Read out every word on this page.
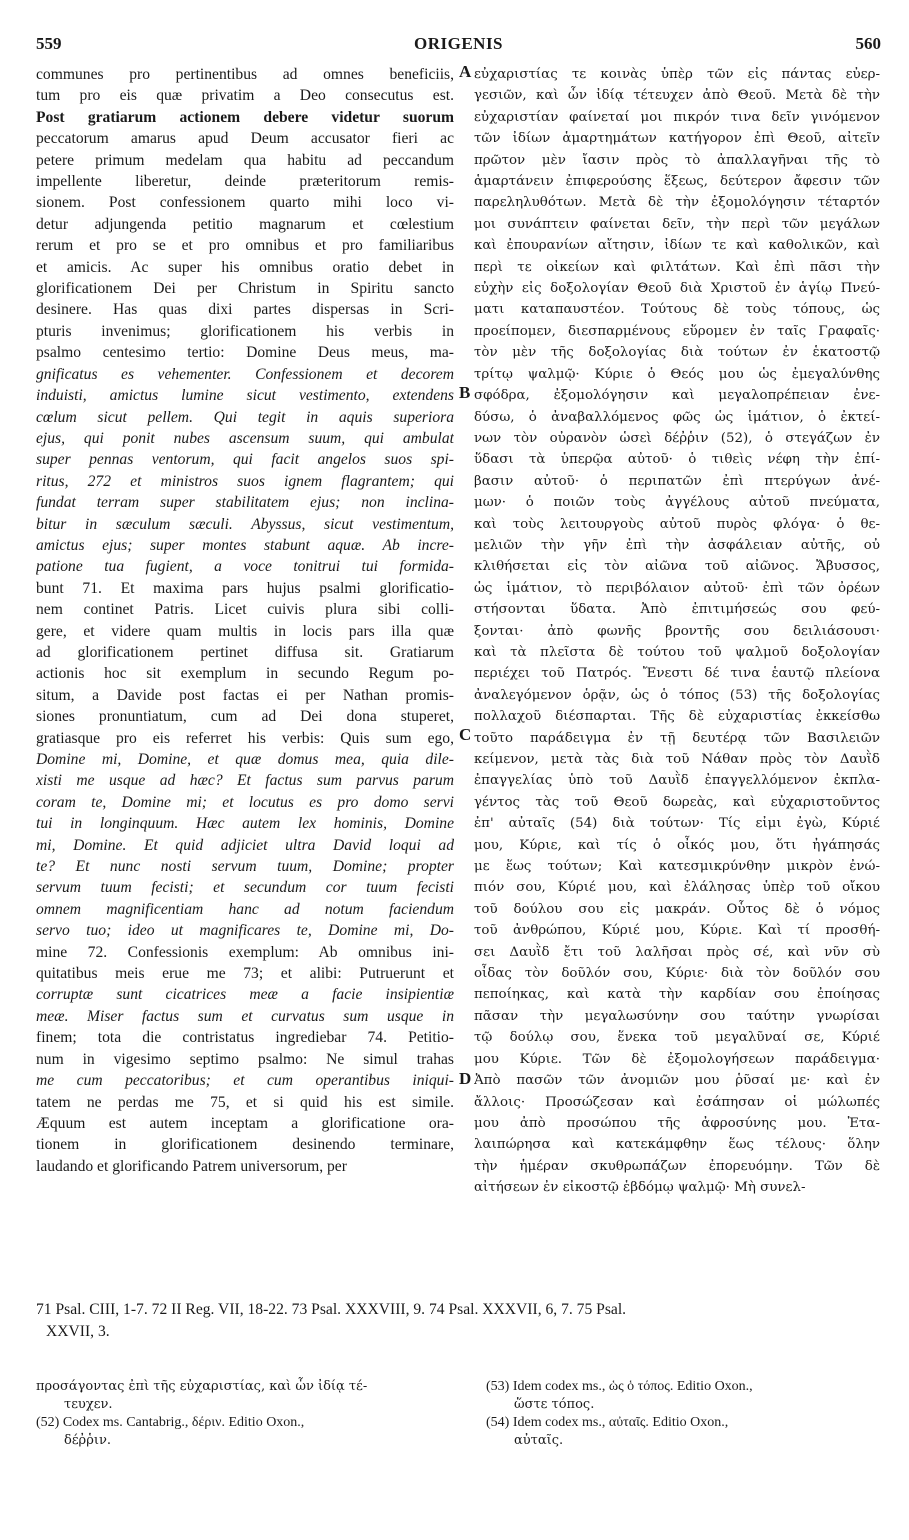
559	ORIGENIS	560

communes pro pertinentibus ad omnes beneficiis,

tum pro eis quæ privatim a Deo consecutus est.

Post gratiarum actionem debere videtur suorum

peccatorum amarus apud Deum accusator fieri ac

petere primum medelam qua habitu ad peccandum

impellente liberetur, deinde præteritorum remis-

sionem. Post confessionem quarto mihi loco vi-

detur adjungenda petitio magnarum et cœlestium

rerum et pro se et pro omnibus et pro familiaribus

et amicis. Ac super his omnibus oratio debet in

glorificationem Dei per Christum in Spiritu sancto

desinere. Has quas dixi partes dispersas in Scri-

pturis invenimus; glorificationem his verbis in

psalmo centesimo tertio: Domine Deus meus, ma-

gnificatus es vehementer. Confessionem et decorem

induisti, amictus lumine sicut vestimento, extendens

cœlum sicut pellem. Qui tegit in aquis superiora

ejus, qui ponit nubes ascensum suum, qui ambulat

super pennas ventorum, qui facit angelos suos spi-

ritus, 272 et ministros suos ignem flagrantem; qui

fundat terram super stabilitatem ejus; non inclina-

bitur in sæculum sæculi. Abyssus, sicut vestimentum,

amictus ejus; super montes stabunt aquæ. Ab incre-

patione tua fugient, a voce tonitrui tui formida-

bunt 71. Et maxima pars hujus psalmi glorificatio-

nem continet Patris. Licet cuivis plura sibi colli-

gere, et videre quam multis in locis pars illa quæ

ad glorificationem pertinet diffusa sit. Gratiarum

actionis hoc sit exemplum in secundo Regum po-

situm, a Davide post factas ei per Nathan promis-

siones pronuntiatum, cum ad Dei dona stuperet,

gratiasque pro eis referret his verbis: Quis sum ego,

Domine mi, Domine, et quæ domus mea, quia dile-

xisti me usque ad hæc? Et factus sum parvus parum

coram te, Domine mi; et locutus es pro domo servi

tui in longinquum. Hæc autem lex hominis, Domine

mi, Domine. Et quid adjiciet ultra David loqui ad

te? Et nunc nosti servum tuum, Domine; propter

servum tuum fecisti; et secundum cor tuum fecisti

omnem magnificentiam hanc ad notum faciendum

servo tuo; ideo ut magnificares te, Domine mi, Do-

mine 72. Confessionis exemplum: Ab omnibus ini-

quitatibus meis erue me 73; et alibi: Putruerunt et

corruptæ sunt cicatrices meæ a facie insipientiæ

meæ. Miser factus sum et curvatus sum usque in

finem; tota die contristatus ingrediebar 74. Petitio-

num in vigesimo septimo psalmo: Ne simul trahas

me cum peccatoribus; et cum operantibus iniqui-

tatem ne perdas me 75, et si quid his est simile.

Æquum est autem inceptam a glorificatione ora-

tionem in glorificationem desinendo terminare,

laudando et glorificando Patrem universorum, per

εὐχαριστίας τε κοινὰς ὑπὲρ τῶν εἰς πάντας εὐερ-

γεσιῶν, καὶ ὧν ἰδίᾳ τέτευχεν ἀπὸ Θεοῦ. Μετὰ δὲ τὴν

εὐχαριστίαν φαίνεταί μοι πικρόν τινα δεῖν γινόμενον

τῶν ἰδίων ἁμαρτημάτων κατήγορον ἐπὶ Θεοῦ, αἰτεῖν

πρῶτον μὲν ἴασιν πρὸς τὸ ἀπαλλαγῆναι τῆς τὸ

ἁμαρτάνειν ἐπιφερούσης ἕξεως, δεύτερον ἄφεσιν τῶν

παρεληλυθότων. Μετὰ δὲ τὴν ἐξομολόγησιν τέταρτόν

μοι συνάπτειν φαίνεται δεῖν, τὴν περὶ τῶν μεγάλων

καὶ ἐπουρανίων αἴτησιν, ἰδίων τε καὶ καθολικῶν, καὶ

περὶ τε οἰκείων καὶ φιλτάτων. Καὶ ἐπὶ πᾶσι τὴν

εὐχὴν εἰς δοξολογίαν Θεοῦ διὰ Χριστοῦ ἐν ἁγίῳ Πνεύ-

ματι καταπαυστέον. Τούτους δὲ τοὺς τόπους, ὡς

προείπομεν, διεσπαρμένους εὕρομεν ἐν ταῖς Γραφαῖς·

τὸν μὲν τῆς δοξολογίας διὰ τούτων ἐν ἑκατοστῷ

τρίτῳ ψαλμῷ· Κύριε ὁ Θεός μου ὡς ἐμεγαλύνθης

σφόδρα, ἐξομολόγησιν καὶ μεγαλοπρέπειαν ἐνε-

δύσω, ὁ ἀναβαλλόμενος φῶς ὡς ἱμάτιον, ὁ ἐκτεί-

νων τὸν οὐρανὸν ὡσεὶ δέῤῥιν (52), ὁ στεγάζων ἐν

ὕδασι τὰ ὑπερῷα αὐτοῦ· ὁ τιθεὶς νέφη τὴν ἐπί-

βασιν αὐτοῦ· ὁ περιπατῶν ἐπὶ πτερύγων ἀνέ-

μων· ὁ ποιῶν τοὺς ἀγγέλους αὐτοῦ πνεύματα,

καὶ τοὺς λειτουργοὺς αὐτοῦ πυρὸς φλόγα· ὁ θε-

μελιῶν τὴν γῆν ἐπὶ τὴν ἀσφάλειαν αὐτῆς, οὐ

κλιθήσεται εἰς τὸν αἰῶνα τοῦ αἰῶνος. Ἄβυσσος,

ὡς ἱμάτιον, τὸ περιβόλαιον αὐτοῦ· ἐπὶ τῶν ὀρέων

στήσονται ὕδατα. Ἀπὸ ἐπιτιμήσεώς σου φεύ-

ξονται· ἀπὸ φωνῆς βροντῆς σου δειλιάσουσι·

καὶ τὰ πλεῖστα δὲ τούτου τοῦ ψαλμοῦ δοξολογίαν

περιέχει τοῦ Πατρός. Ἔνεστι δέ τινα ἑαυτῷ πλείονα

ἀναλεγόμενον ὁρᾷν, ὡς ὁ τόπος (53) τῆς δοξολογίας

πολλαχοῦ διέσπαρται. Τῆς δὲ εὐχαριστίας ἐκκείσθω

τοῦτο παράδειγμα ἐν τῇ δευτέρᾳ τῶν Βασιλειῶν

κείμενον, μετὰ τὰς διὰ τοῦ Νάθαν πρὸς τὸν Δαυῒδ

ἐπαγγελίας ὑπὸ τοῦ Δαυῒδ ἐπαγγελλόμενον ἐκπλα-

γέντος τὰς τοῦ Θεοῦ δωρεὰς, καὶ εὐχαριστοῦντος

ἐπ' αὐταῖς (54) διὰ τούτων· Τίς εἰμι ἐγὼ, Κύριέ

μου, Κύριε, καὶ τίς ὁ οἶκός μου, ὅτι ἠγάπησάς

με ἕως τούτων; Καὶ κατεσμικρύνθην μικρὸν ἐνώ-

πιόν σου, Κύριέ μου, καὶ ἐλάλησας ὑπὲρ τοῦ οἴκου

τοῦ δούλου σου εἰς μακράν. Οὗτος δὲ ὁ νόμος

τοῦ ἀνθρώπου, Κύριέ μου, Κύριε. Καὶ τί προσθή-

σει Δαυῒδ ἔτι τοῦ λαλῆσαι πρὸς σέ, καὶ νῦν σὺ

οἶδας τὸν δοῦλόν σου, Κύριε· διὰ τὸν δοῦλόν σου

πεποίηκας, καὶ κατὰ τὴν καρδίαν σου ἐποίησας

πᾶσαν τὴν μεγαλωσύνην σου ταύτην γνωρίσαι

τῷ δούλῳ σου, ἕνεκα τοῦ μεγαλῦναί σε, Κύριέ

μου Κύριε. Τῶν δὲ ἐξομολογήσεων παράδειγμα·

Ἀπὸ πασῶν τῶν ἀνομιῶν μου ῥῦσαί με· καὶ ἐν

ἄλλοις· Προσώζεσαν καὶ ἐσάπησαν οἱ μώλωπές

μου ἀπὸ προσώπου τῆς ἀφροσύνης μου. Ἐτα-

λαιπώρησα καὶ κατεκάμφθην ἕως τέλους· ὅλην

τὴν ἡμέραν σκυθρωπάζων ἐπορευόμην. Τῶν δὲ

αἰτήσεων ἐν εἰκοστῷ ἑβδόμῳ ψαλμῷ· Μὴ συνελ-

A
B
C
D
71 Psal. CIII, 1-7. 72 II Reg. VII, 18-22. 73 Psal. XXXVIII, 9. 74 Psal. XXXVII, 6, 7. 75 Psal.
XXVII, 3.

προσάγοντας ἐπὶ τῆς εὐχαριστίας, καὶ ὧν ἰδίᾳ τέ-

τευχεν.

(52) Codex ms. Cantabrig., δέριν. Editio Oxon.,

δέῤῥιν.

(53) Idem codex ms., ὡς ὁ τόπος. Editio Oxon.,

ὥστε τόπος.

(54) Idem codex ms., αὐταῖς. Editio Oxon.,

αὐταῖς.
